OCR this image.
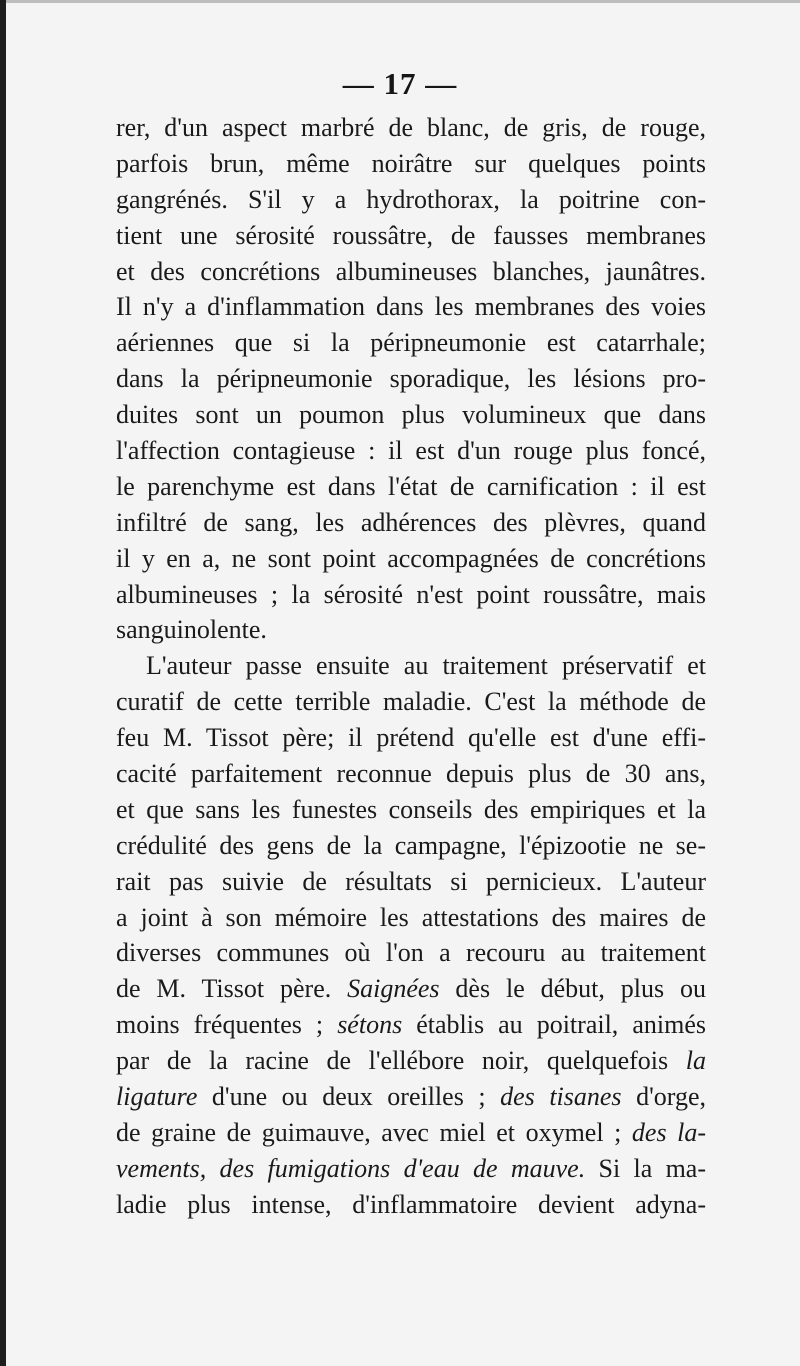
— 17 —
rer, d'un aspect marbré de blanc, de gris, de rouge,
parfois brun, même noirâtre sur quelques points
gangrénés. S'il y a hydrothorax, la poitrine con-
tient une sérosité roussâtre, de fausses membranes
et des concrétions albumineuses blanches, jaunâtres.
Il n'y a d'inflammation dans les membranes des voies
aériennes que si la péripneumonie est catarrhale;
dans la péripneumonie sporadique, les lésions pro-
duites sont un poumon plus volumineux que dans
l'affection contagieuse : il est d'un rouge plus foncé,
le parenchyme est dans l'état de carnification : il est
infiltré de sang, les adhérences des plèvres, quand
il y en a, ne sont point accompagnées de concrétions
albumineuses ; la sérosité n'est point roussâtre, mais
sanguinolente.
L'auteur passe ensuite au traitement préservatif et
curatif de cette terrible maladie. C'est la méthode de
feu M. Tissot père; il prétend qu'elle est d'une effi-
cacité parfaitement reconnue depuis plus de 30 ans,
et que sans les funestes conseils des empiriques et la
crédulité des gens de la campagne, l'épizootie ne se-
rait pas suivie de résultats si pernicieux. L'auteur
a joint à son mémoire les attestations des maires de
diverses communes où l'on a recouru au traitement
de M. Tissot père. Saignées dès le début, plus ou
moins fréquentes ; sétons établis au poitrail, animés
par de la racine de l'ellébore noir, quelquefois la
ligature d'une ou deux oreilles ; des tisanes d'orge,
de graine de guimauve, avec miel et oxymel ; des la-
vements, des fumigations d'eau de mauve. Si la ma-
ladie plus intense, d'inflammatoire devient adyna-
